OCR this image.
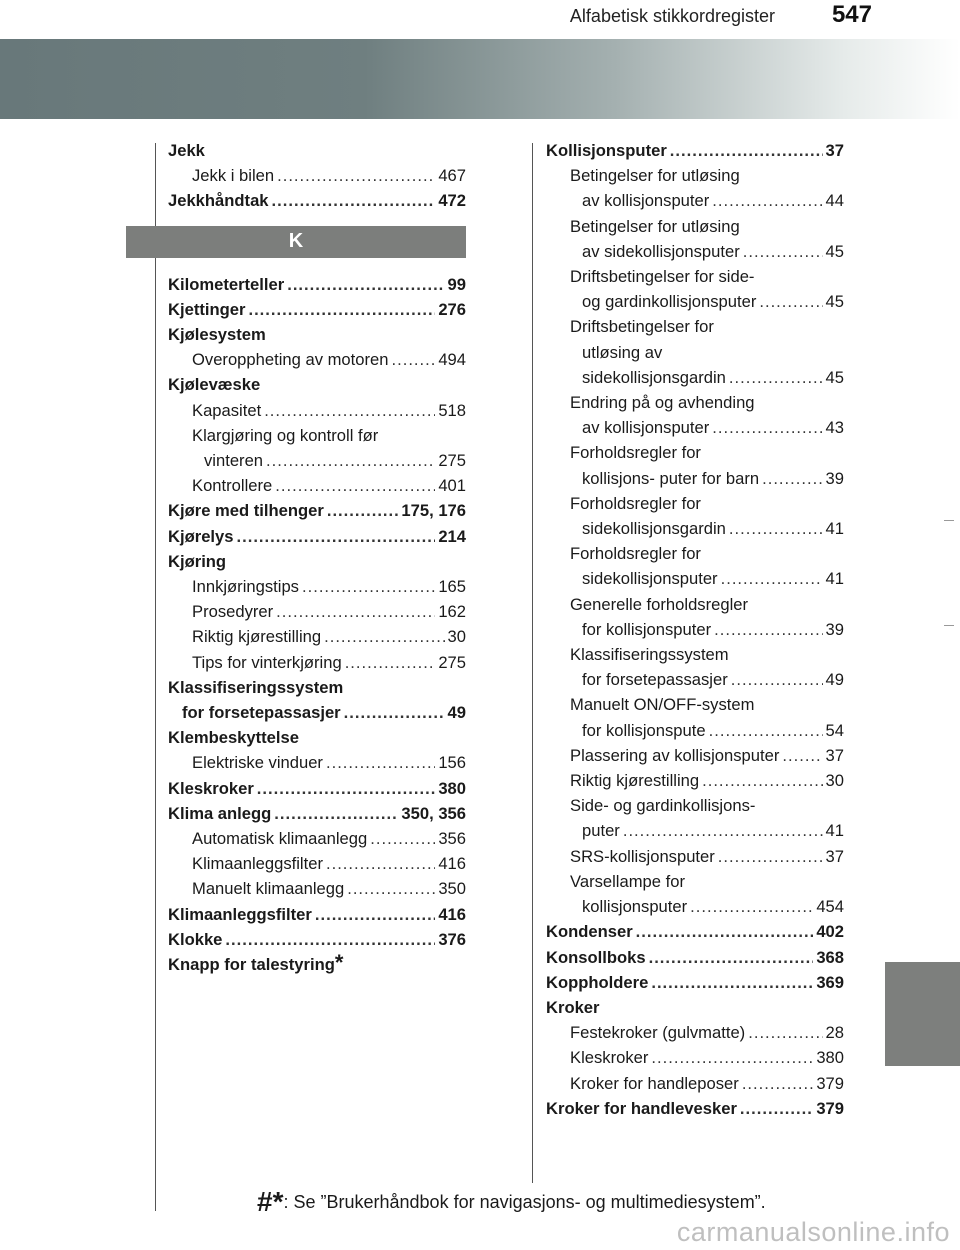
Alfabetisk stikkordregister 547
Jekk
Jekk i bilen .....	467
Jekkhåndtak .....	472
K
Kilometerteller .....	99
Kjettinger .....	276
Kjølesystem
Overoppheting av motoren .....	494
Kjølevæske
Kapasitet .....	518
Klargjøring og kontroll før
vinteren .....	275
Kontrollere .....	401
Kjøre med tilhenger .....	175, 176
Kjørelys .....	214
Kjøring
Innkjøringstips .....	165
Prosedyrer .....	162
Riktig kjørestilling .....	30
Tips for vinterkjøring .....	275
Klassifiseringssystem
for forsetepassasjer .....	49
Klembeskyttelse
Elektriske vinduer .....	156
Kleskroker .....	380
Klima anlegg .....	350, 356
Automatisk klimaanlegg .....	356
Klimaanleggsfilter .....	416
Manuelt klimaanlegg .....	350
Klimaanleggsfilter .....	416
Klokke .....	376
Knapp for talestyring *
Kollisjonsputer .....	37
Betingelser for utløsing
av kollisjonsputer .....	44
Betingelser for utløsing
av sidekollisjonsputer .....	45
Driftsbetingelser for side-
og gardinkollisjonsputer .....	45
Driftsbetingelser for
utløsing av
sidekollisjonsgardin .....	45
Endring på og avhending
av kollisjonsputer .....	43
Forholdsregler for
kollisjons- puter for barn .....	39
Forholdsregler for
sidekollisjonsgardin .....	41
Forholdsregler for
sidekollisjonsputer .....	41
Generelle forholdsregler
for kollisjonsputer .....	39
Klassifiseringssystem
for forsetepassasjer .....	49
Manuelt ON/OFF-system
for kollisjonspute .....	54
Plassering av kollisjonsputer .....	37
Riktig kjørestilling .....	30
Side- og gardinkollisjons-
puter .....	41
SRS-kollisjonsputer .....	37
Varsellampe for
kollisjonsputer .....	454
Kondenser .....	402
Konsollboks .....	368
Koppholdere .....	369
Kroker
Festekroker (gulvmatte) .....	28
Kleskroker .....	380
Kroker for handleposer .....	379
Kroker for handlevesker .....	379
#*: Se ”Brukerhåndbok for navigasjons- og multimediesystem”.
carmanualsonline.info
